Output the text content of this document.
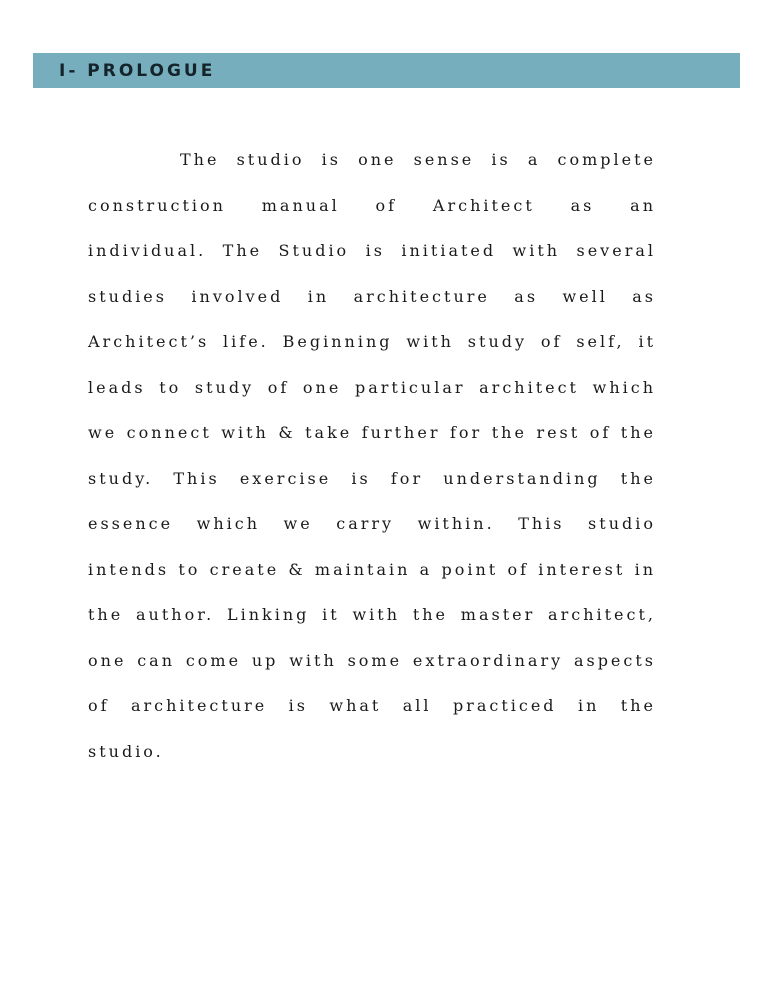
I- PROLOGUE
The studio is one sense is a complete
construction manual of Architect as an
individual. The Studio is initiated with several
studies involved in architecture as well as
Architect’s life. Beginning with study of self, it
leads to study of one particular architect which
we connect with & take further for the rest of the
study. This exercise is for understanding the
essence which we carry within. This studio
intends to create & maintain a point of interest in
the author. Linking it with the master architect,
one can come up with some extraordinary aspects
of architecture is what all practiced in the
studio.
